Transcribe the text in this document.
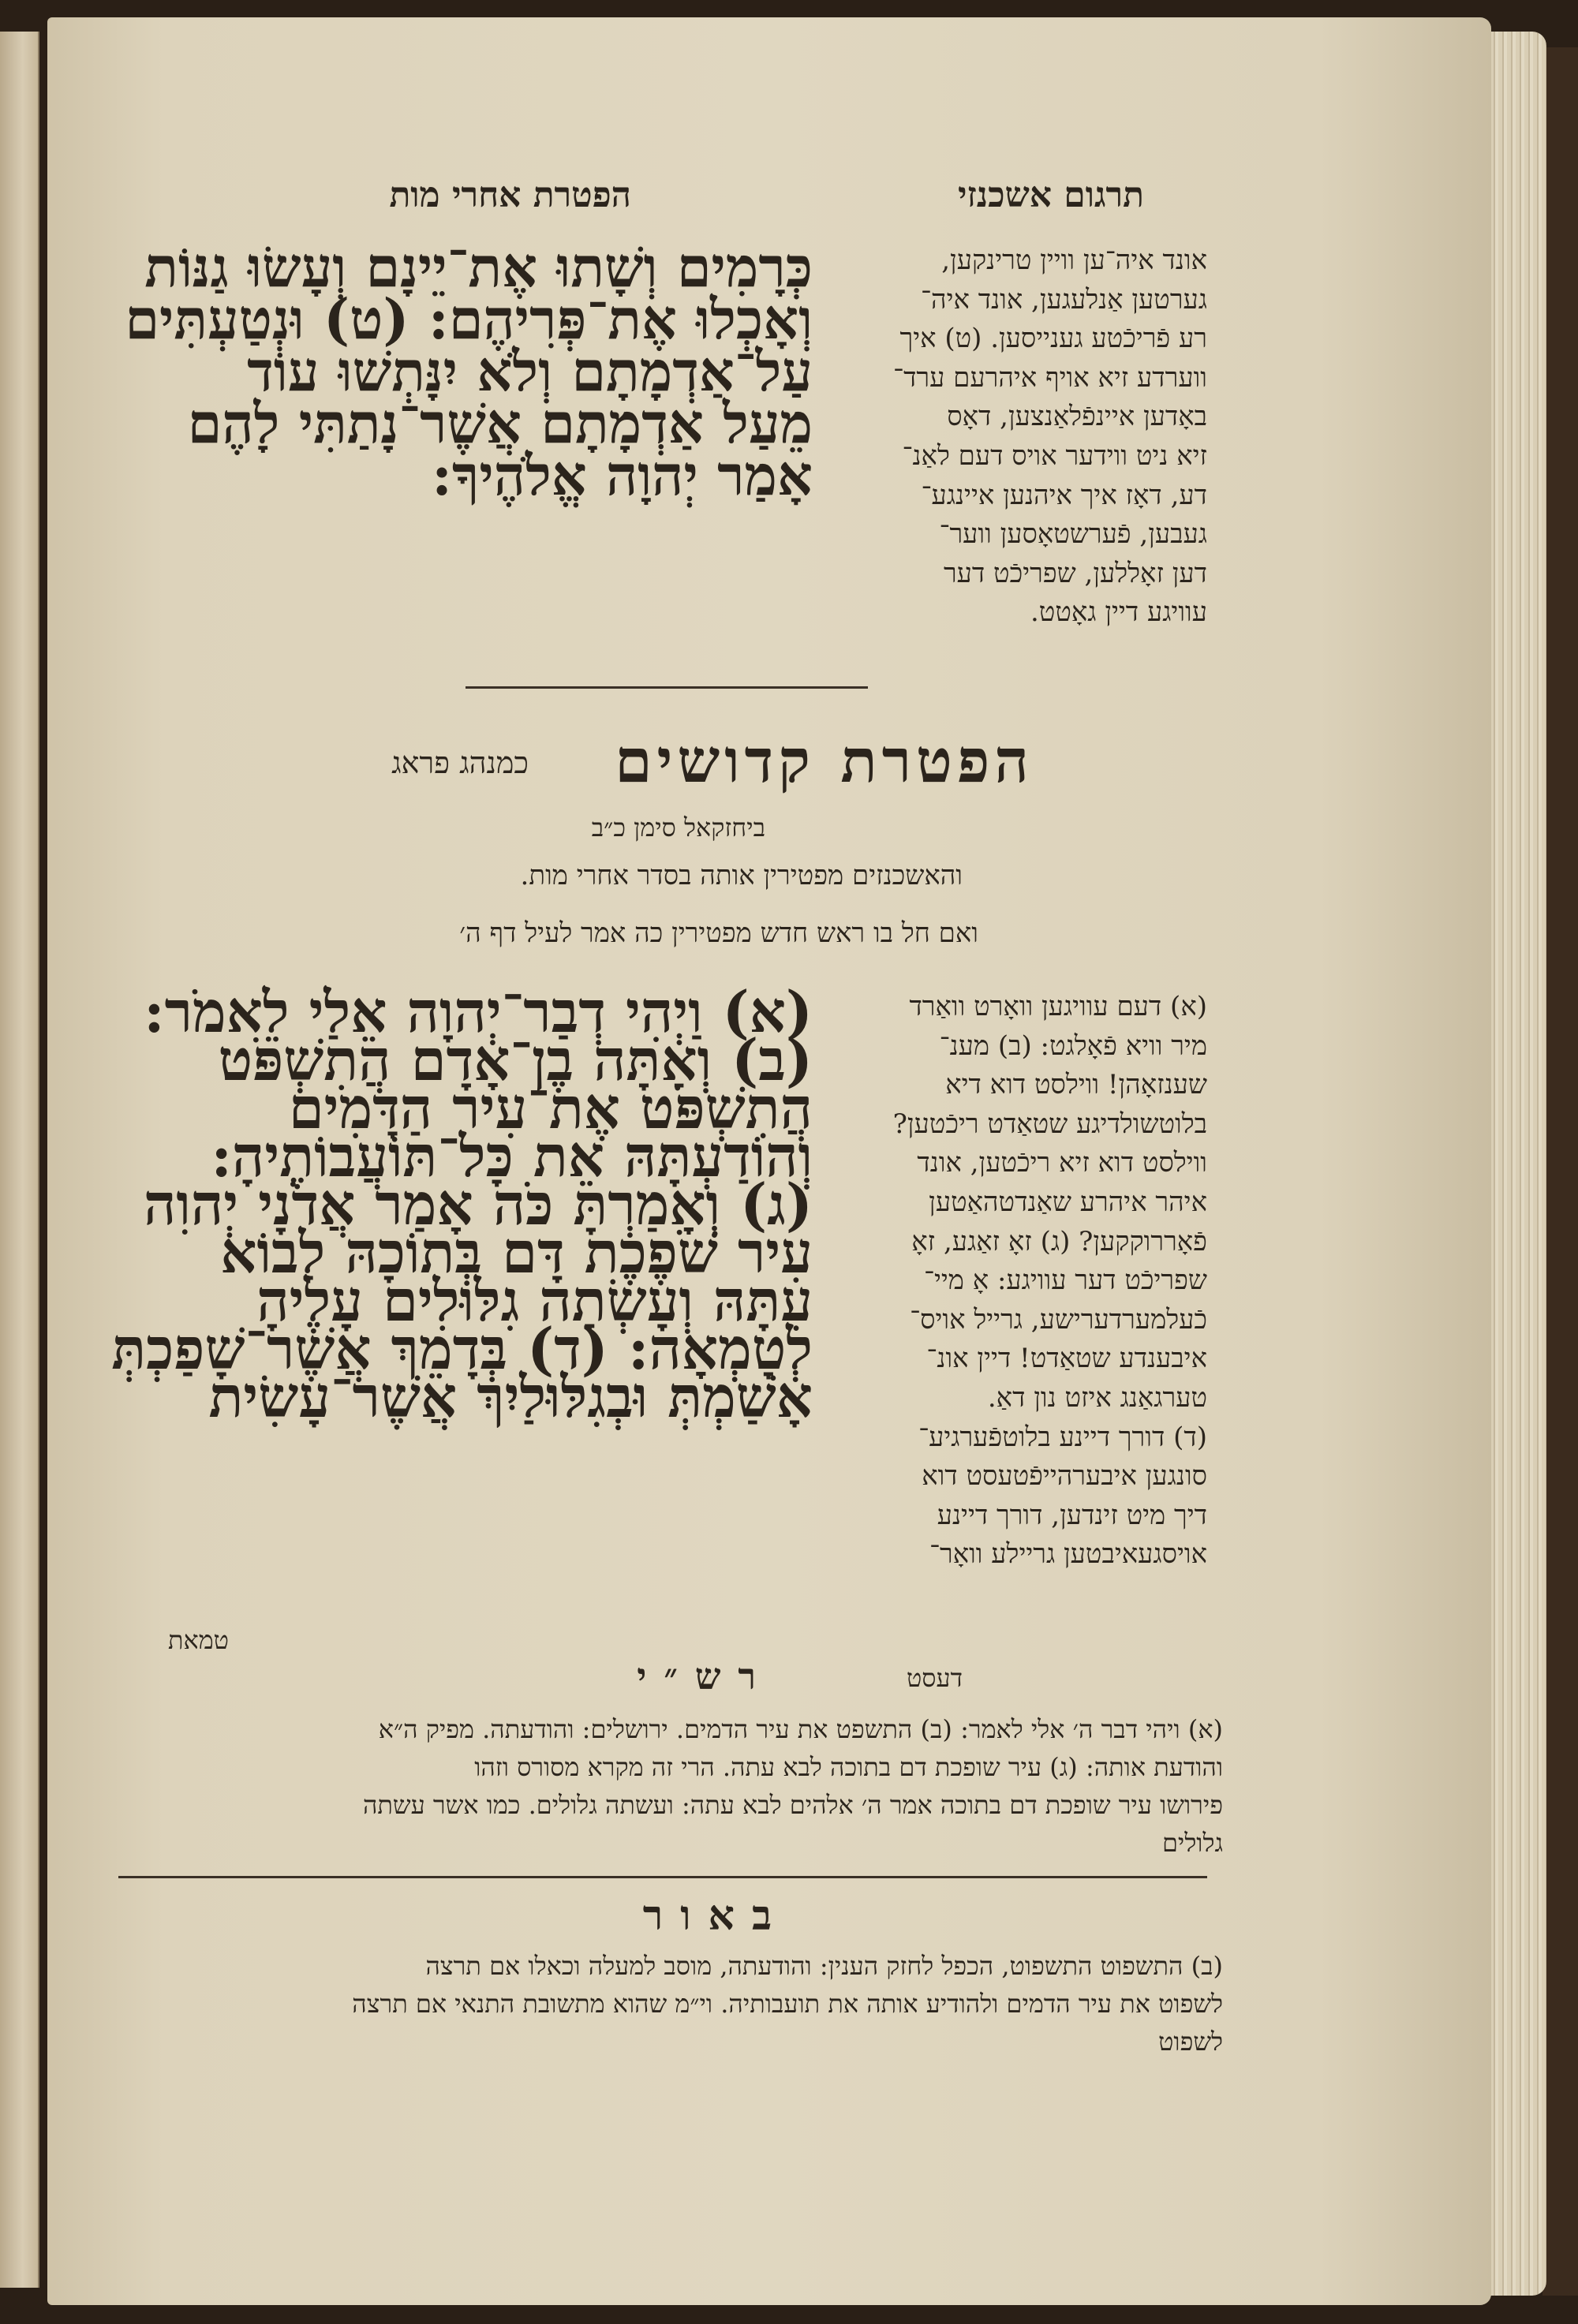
תרגום אשכנזי
הפטרת אחרי מות
אונד איה־ען וויין טרינקען,
גערטען אַנלעגען, אונד איה־
רע פֿריכֿטע גענייסען. (ט) איך
ווערדע זיא אויף איהרעם ערד־
באָדען איינפֿלאַנצען, דאָס
זיא ניט ווידער אויס דעם לאַנ־
דע, דאָז איך איהנען איינגע־
געבען, פֿערשטאָסען ווער־
דען זאָללען, שפריכֿט דער
עוויגע דיין גאָטט.
כְּרָמִים וְשָׁתוּ אֶת־יֵינָם וְעָשׂוּ גַנּוֹת
וְאָכְלוּ אֶת־פְּרִיהֶם: (ט) וּנְטַעְתִּים
עַל־אַדְמָתָם וְלֹא יִנָּתְשׁוּ עוֹד
מֵעַל אַדְמָתָם אֲשֶׁר־נָתַתִּי לָהֶם
אָמַר יְהוָה אֱלֹהֶיךָ:
הפטרת קדושים
כמנהג פראג
ביחזקאל סימן כ״ב
והאשכנזים מפטירין אותה בסדר אחרי מות.
ואם חל בו ראש חדש מפטירין כה אמר לעיל דף ה׳
(א) דעם עוויגען וואָרט וואַרד
מיר וויא פֿאָלגט: (ב) מענ־
שענזאָהן! ווילסט דוא דיא
בלוטשולדיגע שטאַדט ריכֿטען?
ווילסט דוא זיא ריכֿטען, אונד
איהר איהרע שאַנדטהאַטען
פֿאָררוקקען? (ג) זאָ זאַגע, זאָ
שפריכֿט דער עוויגע: אָ מיי־
כֿעלמערדערישע, גרייל אויס־
איבענדע שטאַדט! דיין אונ־
טערגאַנג איזט נון דאַ.
(ד) דורך דיינע בלוטפֿערגיע־
סונגען איבערהייפֿטעסט דוא
דיך מיט זינדען, דורך דיינע
אויסגעאיבטען גריילע וואָר־
(א) וַיְהִי דְבַר־יְהוָה אֵלַי לֵאמֹר:
(ב) וְאַתָּה בֶן־אָדָם הֲתִשְׁפֹּט
הֲתִשְׁפֹּט אֶת־עִיר הַדָּמִים
וְהוֹדַעְתָּהּ אֵת כָּל־תּוֹעֲבוֹתֶיהָ:
(ג) וְאָמַרְתָּ כֹּה אָמַר אֲדֹנָי יְהוִה
עִיר שֹׁפֶכֶת דָּם בְּתוֹכָהּ לָבוֹא
עִתָּהּ וְעָשְׂתָה גִלּוּלִים עָלֶיהָ
לְטָמְאָה: (ד) בְּדָמֵךְ אֲשֶׁר־שָׁפַכְתְּ
אָשַׁמְתְּ וּבְגִלּוּלַיִךְ אֲשֶׁר־עָשִׂית
דעסט
טמאת
רש״י
(א) ויהי דבר ה׳ אלי לאמר: (ב) התשפט את עיר הדמים. ירושלים: והודעתה. מפיק ה״א
והודעת אותה: (ג) עיר שופכת דם בתוכה לבא עתה. הרי זה מקרא מסורס וזהו
פירושו עיר שופכת דם בתוכה אמר ה׳ אלהים לבא עתה: ועשתה גלולים. כמו אשר עשתה
גלולים
באור
(ב) התשפוט התשפוט, הכפל לחזק הענין: והודעתה, מוסב למעלה וכאלו אם תרצה
לשפוט את עיר הדמים ולהודיע אותה את תועבותיה. וי״מ שהוא מתשובת התנאי אם תרצה
לשפוט
